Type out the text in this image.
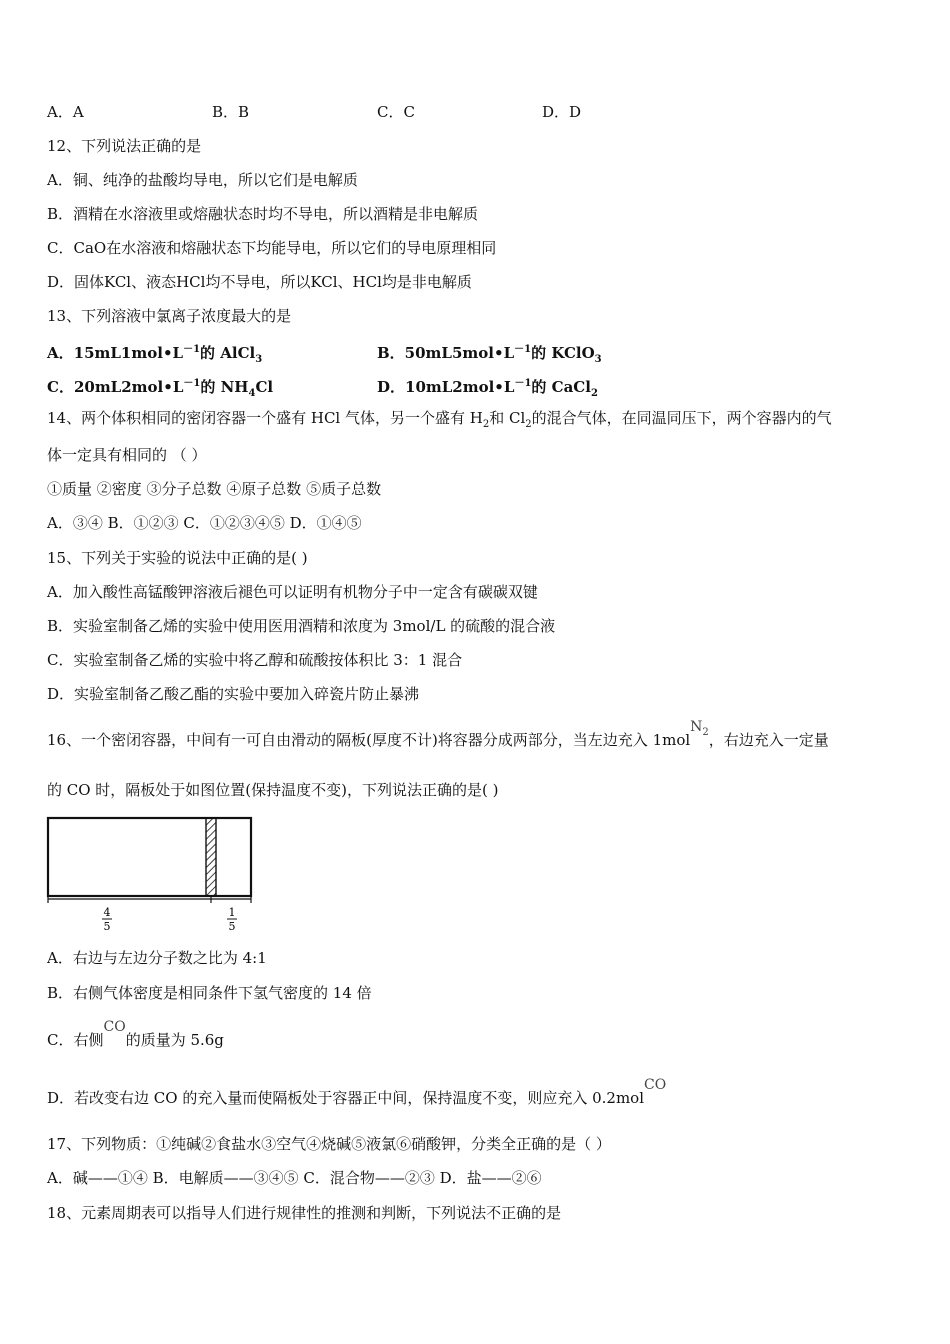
A．A	B．B	C．C	D．D
12、下列说法正确的是
A．铜、纯净的盐酸均导电，所以它们是电解质
B．酒精在水溶液里或熔融状态时均不导电，所以酒精是非电解质
C．CaO在水溶液和熔融状态下均能导电，所以它们的导电原理相同
D．固体KCl、液态HCl均不导电，所以KCl、HCl均是非电解质
13、下列溶液中氯离子浓度最大的是
A．$15mL1mol•L^{-1}$的 AlCl$_3$	B．$50mL5mol•L^{-1}$的 KClO$_3$
C．$20mL2mol•L^{-1}$的 $NH_4Cl$	D．$10mL2mol•L^{-1}$的 CaCl$_2$
14、两个体积相同的密闭容器一个盛有 HCl 气体，另一个盛有 $H_2$和 $Cl_2$的混合气体，在同温同压下，两个容器内的气
体一定具有相同的 （ ）
①质量 ②密度 ③分子总数 ④原子总数 ⑤质子总数
A．③④ B．①②③ C．①②③④⑤ D．①④⑤
15、下列关于实验的说法中正确的是( )
A．加入酸性高锰酸钾溶液后褪色可以证明有机物分子中一定含有碳碳双键
B．实验室制备乙烯的实验中使用医用酒精和浓度为 3mol/L 的硫酸的混合液
C．实验室制备乙烯的实验中将乙醇和硫酸按体积比 3：1 混合
D．实验室制备乙酸乙酯的实验中要加入碎瓷片防止暴沸
16、一个密闭容器，中间有一可自由滑动的隔板(厚度不计)将容器分成两部分，当左边充入 1molN$_2$，右边充入一定量
的 CO 时，隔板处于如图位置(保持温度不变)，下列说法正确的是( )
4
5
1
5
A．右边与左边分子数之比为 4:1
B．右侧气体密度是相同条件下氢气密度的 14 倍
C．右侧CO的质量为 5.6g
D．若改变右边 CO 的充入量而使隔板处于容器正中间，保持温度不变，则应充入 0.2molCO
17、下列物质：①纯碱②食盐水③空气④烧碱⑤液氯⑥硝酸钾，分类全正确的是（ ）
A．碱——①④ B．电解质——③④⑤ C．混合物——②③ D．盐——②⑥
18、元素周期表可以指导人们进行规律性的推测和判断，下列说法不正确的是
